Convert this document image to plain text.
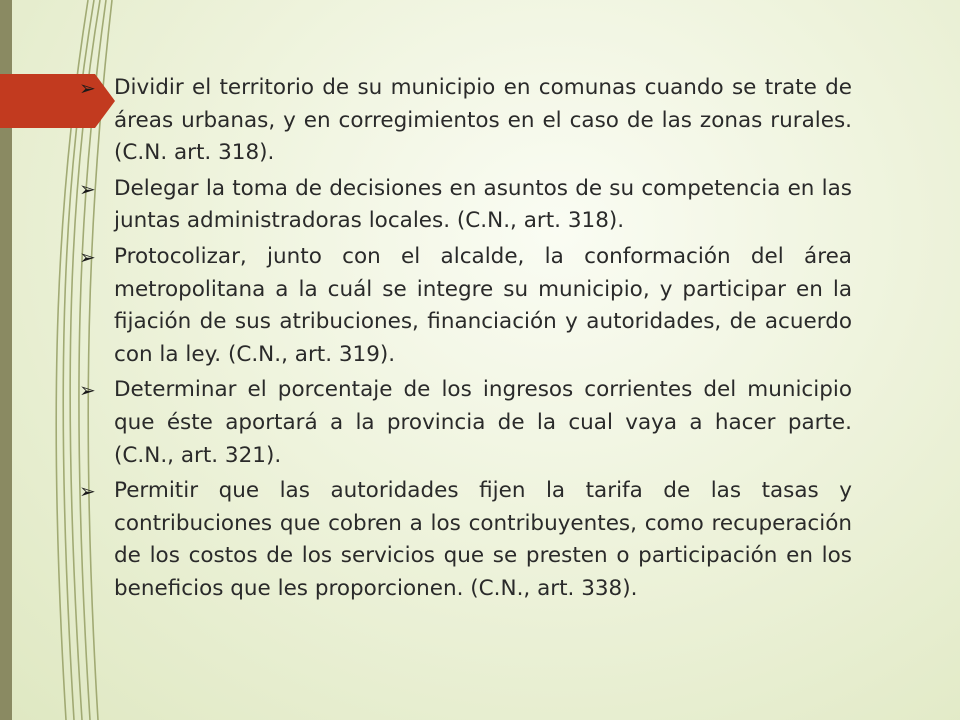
➢ Dividir el territorio de su municipio en comunas cuando se trate de áreas urbanas, y en corregimientos en el caso de las zonas rurales. (C.N. art. 318).
➢ Delegar la toma de decisiones en asuntos de su competencia en las juntas administradoras locales. (C.N., art. 318).
➢ Protocolizar, junto con el alcalde, la conformación del área metropolitana a la cuál se integre su municipio, y participar en la fijación de sus atribuciones, financiación y autoridades, de acuerdo con la ley. (C.N., art. 319).
➢ Determinar el porcentaje de los ingresos corrientes del municipio que éste aportará a la provincia de la cual vaya a hacer parte. (C.N., art. 321).
➢ Permitir que las autoridades fijen la tarifa de las tasas y contribuciones que cobren a los contribuyentes, como recuperación de los costos de los servicios que se presten o participación en los beneficios que les proporcionen. (C.N., art. 338).
